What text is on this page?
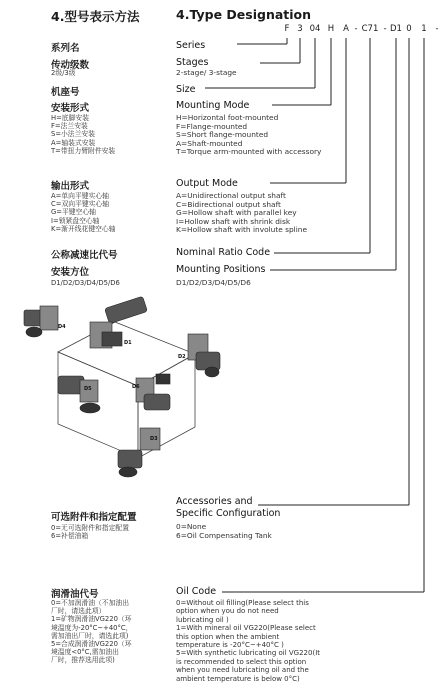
4.型号表示方法	4.Type Designation
F 3 04 H	A - C71 - D1 0	1	-
系列名	Series
传动级数
2级/3级
Stages
2-stage/ 3-stage
机座号	Size
安装形式
H=底脚安装
F=法兰安装
S=小法兰安装
A=轴装式安装
T=带扭力臂附件安装
Mounting Mode
H=Horizontal foot-mounted
F=Flange-mounted
S=Short flange-mounted
A=Shaft-mounted
T=Torque arm-mounted with accessory
输出形式
A=单向平键实心轴
C=双向平键实心轴
G=平键空心轴
I=锁紧盘空心轴
K=渐开线花键空心轴
Output Mode
A=Unidirectional output shaft
C=Bidirectional output shaft
G=Hollow shaft with parallel key
I=Hollow shaft with shrink disk
K=Hollow shaft with involute spline
公称减速比代号	Nominal Ratio Code
安装方位
D1/D2/D3/D4/D5/D6
Mounting Positions
D1/D2/D3/D4/D5/D6
D4
D1
D2
D5	D6
D3
可选附件和指定配置
0=无可选附件和指定配置
6=补偿油箱
Accessories and
Specific Configuration
0=None
6=Oil Compensating Tank
润滑油代号
0=不加润滑油（不加油出
厂时，请选此项）
1=矿物润滑油VG220（环
境温度为-20°C~+40°C，
需加油出厂时，请选此项)
5=合成润滑油VG220（环
境温度<0°C,需加油出
厂时，推荐选用此项)
Oil Code
0=Without oil filling(Please select this
option when you do not need
lubricating oil )
1=With mineral oil VG220(Please select
this option when the ambient
temperature is -20°C~+40°C )
5=With synthetic lubricating oil VG220(It
is recommended to select this option
when you need lubricating oil and the
ambient temperature is below 0°C)
